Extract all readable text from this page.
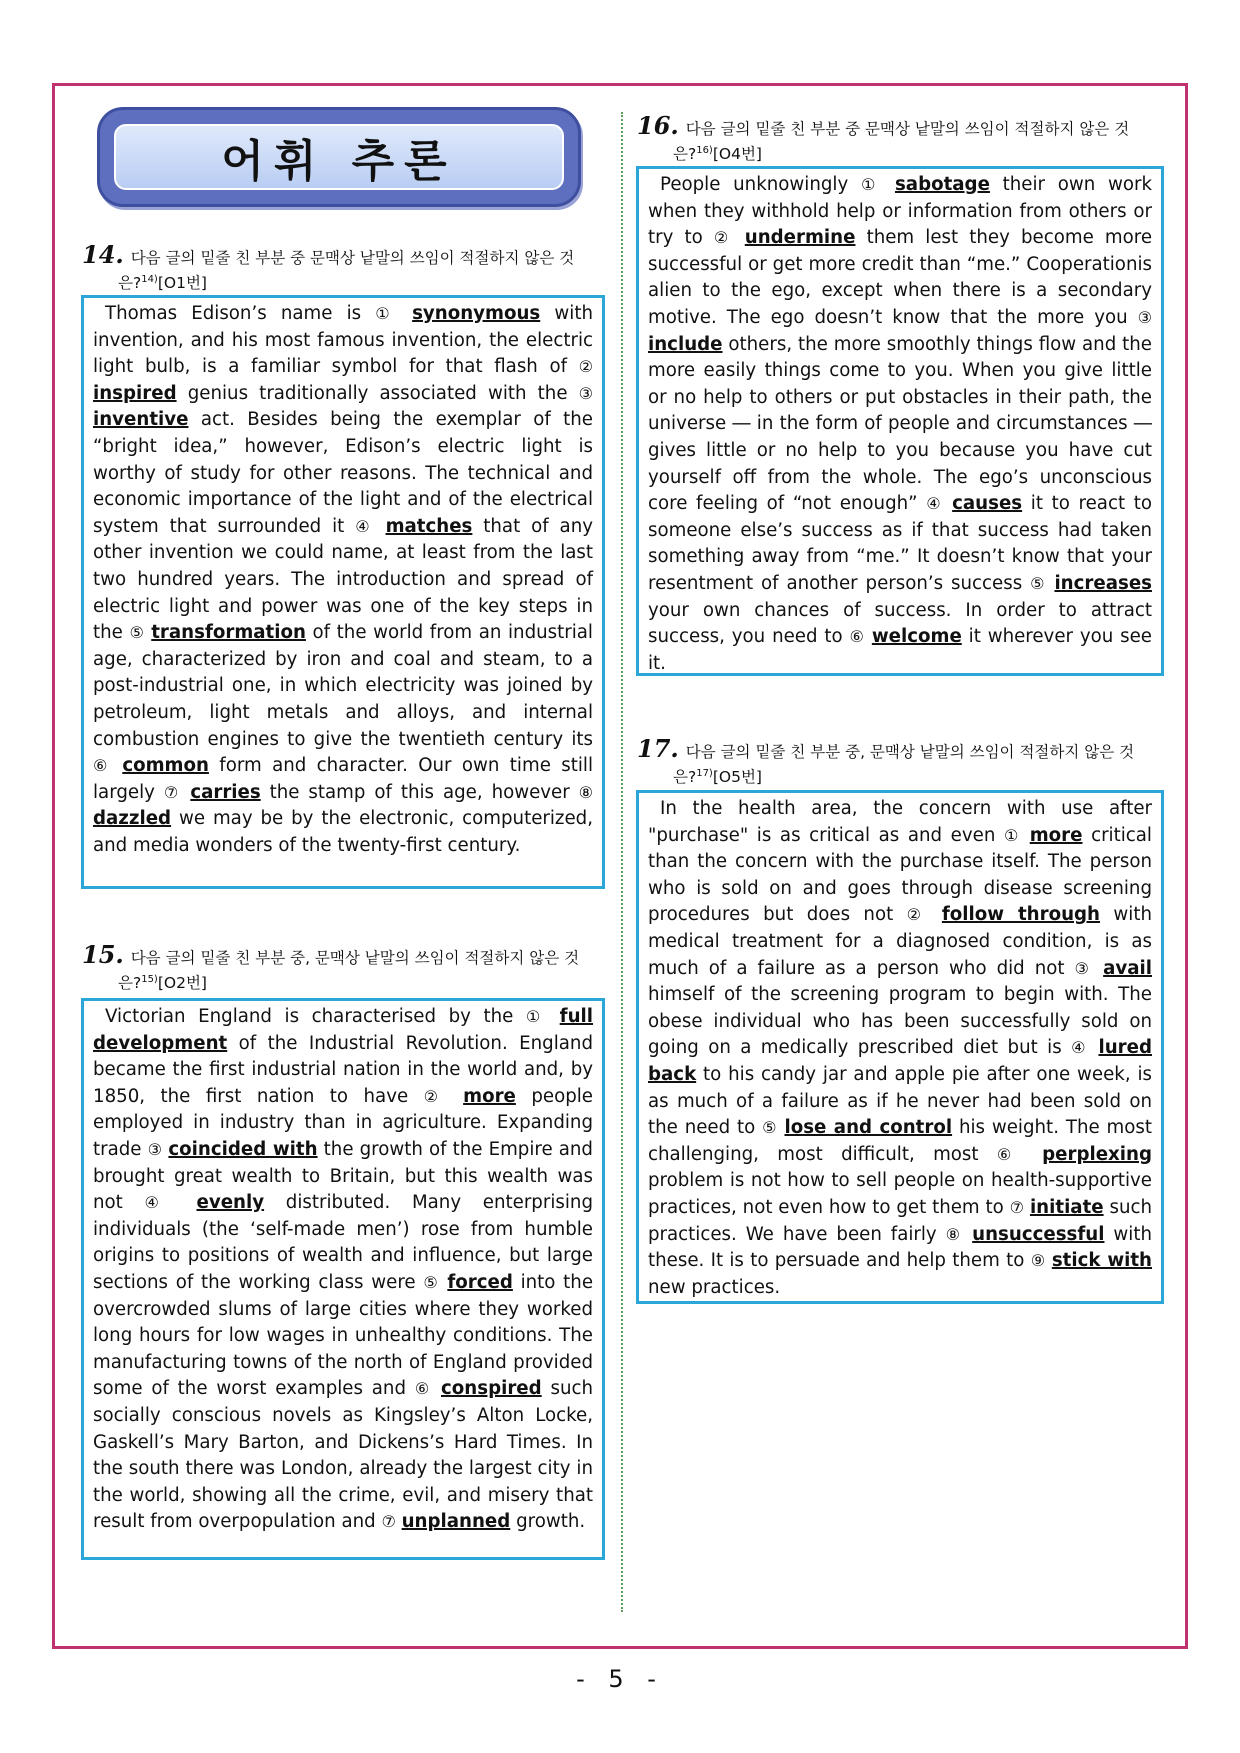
어휘 추론
14. 다음 글의 밑줄 친 부분 중 문맥상 낱말의 쓰임이 적절하지 않은 것
은?$^{14)}$[O1번]

Thomas Edison’s name is ① synonymous with invention, and his most famous invention, the electric light bulb, is a familiar symbol for that flash of ② inspired genius traditionally associated with the ③ inventive act. Besides being the exemplar of the “bright idea,” however, Edison’s electric light is worthy of study for other reasons. The technical and economic importance of the light and of the electrical system that surrounded it ④ matches that of any other invention we could name, at least from the last two hundred years. The introduction and spread of electric light and power was one of the key steps in the ⑤ transformation of the world from an industrial age, characterized by iron and coal and steam, to a post-industrial one, in which electricity was joined by petroleum, light metals and alloys, and internal combustion engines to give the twentieth century its ⑥ common form and character. Our own time still largely ⑦ carries the stamp of this age, however ⑧ dazzled we may be by the electronic, computerized, and media wonders of the twenty-first century.

15. 다음 글의 밑줄 친 부분 중, 문맥상 낱말의 쓰임이 적절하지 않은 것
은?$^{15)}$[O2번]

Victorian England is characterised by the ① full development of the Industrial Revolution. England became the first industrial nation in the world and, by 1850, the first nation to have ② more people employed in industry than in agriculture. Expanding trade ③ coincided with the growth of the Empire and brought great wealth to Britain, but this wealth was not ④ evenly distributed. Many enterprising individuals (the ‘self-made men’) rose from humble origins to positions of wealth and influence, but large sections of the working class were ⑤ forced into the overcrowded slums of large cities where they worked long hours for low wages in unhealthy conditions. The manufacturing towns of the north of England provided some of the worst examples and ⑥ conspired such socially conscious novels as Kingsley’s Alton Locke, Gaskell’s Mary Barton, and Dickens’s Hard Times. In the south there was London, already the largest city in the world, showing all the crime, evil, and misery that result from overpopulation and ⑦ unplanned growth.

16. 다음 글의 밑줄 친 부분 중 문맥상 낱말의 쓰임이 적절하지 않은 것
은?$^{16)}$[O4번]

People unknowingly ① sabotage their own work when they withhold help or information from others or try to ② undermine them lest they become more successful or get more credit than “me.” Cooperationis alien to the ego, except when there is a secondary motive. The ego doesn’t know that the more you ③ include others, the more smoothly things flow and the more easily things come to you. When you give little or no help to others or put obstacles in their path, the universe ― in the form of people and circumstances ― gives little or no help to you because you have cut yourself off from the whole. The ego’s unconscious core feeling of “not enough” ④ causes it to react to someone else’s success as if that success had taken something away from “me.” It doesn’t know that your resentment of another person’s success ⑤ increases your own chances of success. In order to attract success, you need to ⑥ welcome it wherever you see it.

17. 다음 글의 밑줄 친 부분 중, 문맥상 낱말의 쓰임이 적절하지 않은 것
은?$^{17)}$[O5번]

In the health area, the concern with use after "purchase" is as critical as and even ① more critical than the concern with the purchase itself. The person who is sold on and goes through disease screening procedures but does not ② follow through with medical treatment for a diagnosed condition, is as much of a failure as a person who did not ③ avail himself of the screening program to begin with. The obese individual who has been successfully sold on going on a medically prescribed diet but is ④ lured back to his candy jar and apple pie after one week, is as much of a failure as if he never had been sold on the need to ⑤ lose and control his weight. The most challenging, most difficult, most ⑥ perplexing problem is not how to sell people on health-supportive practices, not even how to get them to ⑦ initiate such practices. We have been fairly ⑧ unsuccessful with these. It is to persuade and help them to ⑨ stick with new practices.

- 5 -
